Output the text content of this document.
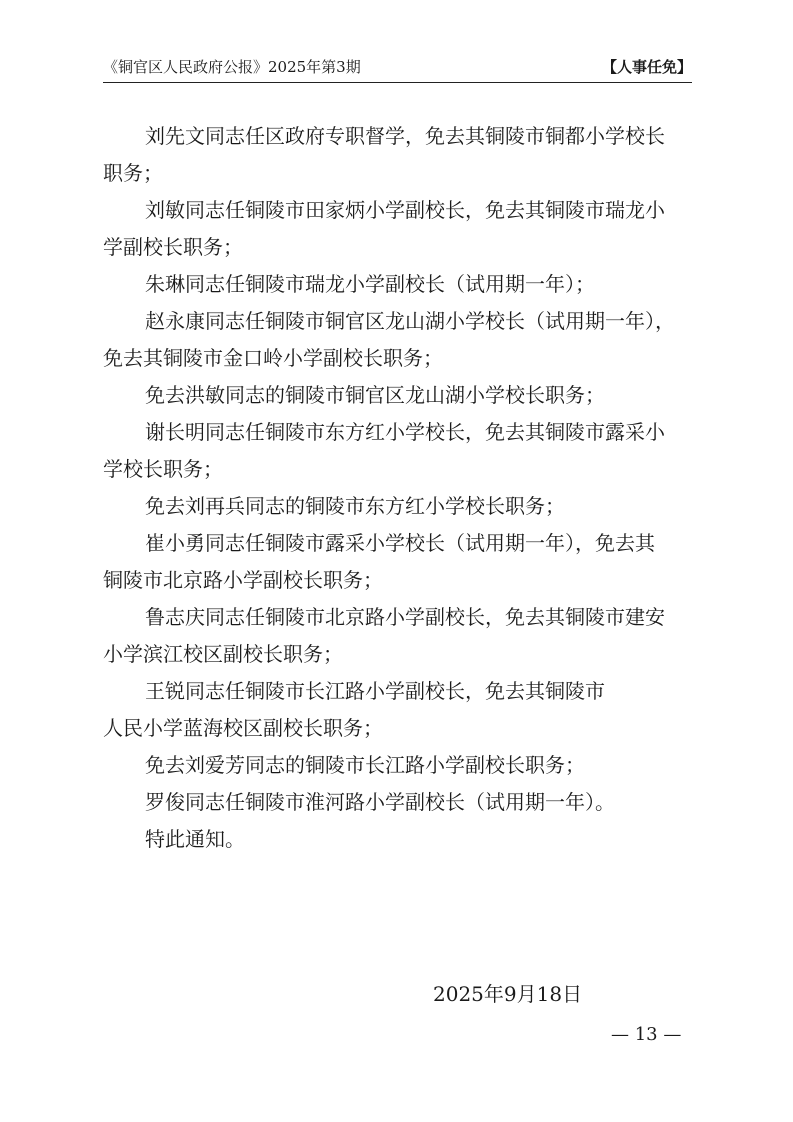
《铜官区人民政府公报》2025年第3期	【人事任免】

刘先文同志任区政府专职督学，免去其铜陵市铜都小学校长
职务；

刘敏同志任铜陵市田家炳小学副校长，免去其铜陵市瑞龙小
学副校长职务；

朱琳同志任铜陵市瑞龙小学副校长（试用期一年）；

赵永康同志任铜陵市铜官区龙山湖小学校长（试用期一年），
免去其铜陵市金口岭小学副校长职务；

免去洪敏同志的铜陵市铜官区龙山湖小学校长职务；

谢长明同志任铜陵市东方红小学校长，免去其铜陵市露采小
学校长职务；

免去刘再兵同志的铜陵市东方红小学校长职务；

崔小勇同志任铜陵市露采小学校长（试用期一年），免去其
铜陵市北京路小学副校长职务；

鲁志庆同志任铜陵市北京路小学副校长，免去其铜陵市建安
小学滨江校区副校长职务；

王锐同志任铜陵市长江路小学副校长，免去其铜陵市
人民小学蓝海校区副校长职务；

免去刘爱芳同志的铜陵市长江路小学副校长职务；

罗俊同志任铜陵市淮河路小学副校长（试用期一年）。

特此通知。

2025年9月18日
— 13 —
